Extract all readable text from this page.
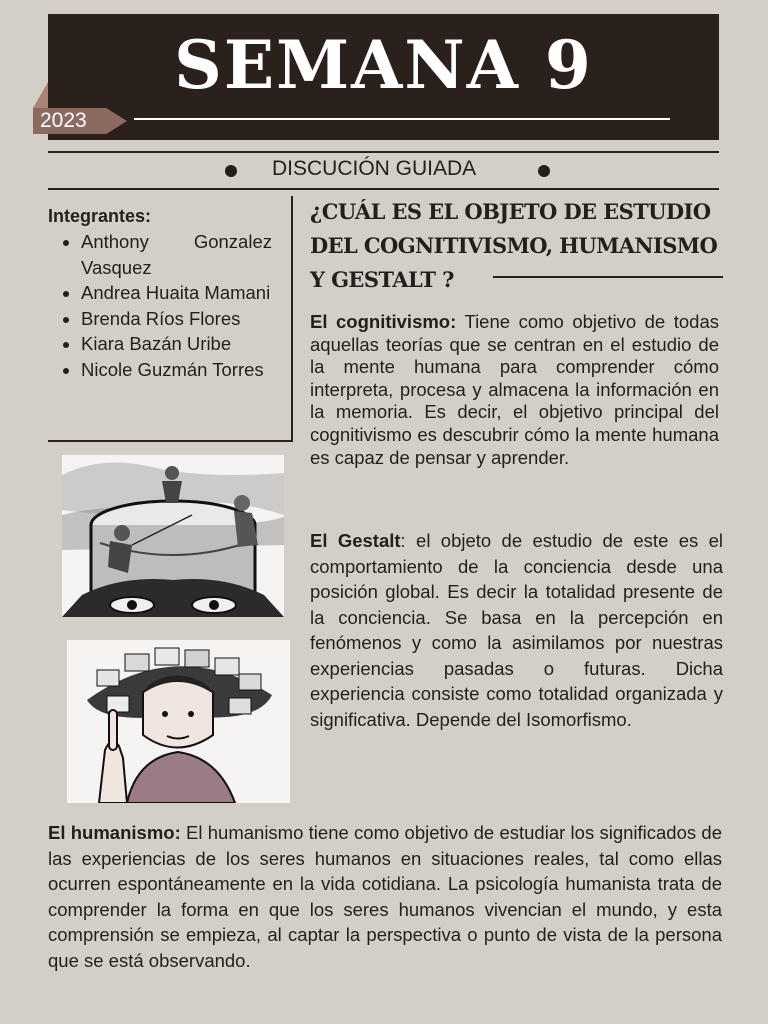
SEMANA 9
2023
DISCUCIÓN GUIADA
Integrantes:
• Anthony Gonzalez Vasquez
• Andrea Huaita Mamani
• Brenda Ríos Flores
• Kiara Bazán Uribe
• Nicole Guzmán Torres
¿CUÁL ES EL OBJETO DE ESTUDIO DEL COGNITIVISMO, HUMANISMO Y GESTALT ?
El cognitivismo: Tiene como objetivo de todas aquellas teorías que se centran en el estudio de la mente humana para comprender cómo interpreta, procesa y almacena la información en la memoria. Es decir, el objetivo principal del cognitivismo es descubrir cómo la mente humana es capaz de pensar y aprender.
El Gestalt: el objeto de estudio de este es el comportamiento de la conciencia desde una posición global. Es decir la totalidad presente de la conciencia. Se basa en la percepción en fenómenos y como la asimilamos por nuestras experiencias pasadas o futuras. Dicha experiencia consiste como totalidad organizada y significativa. Depende del Isomorfismo.
El humanismo: El humanismo tiene como objetivo de estudiar los significados de las experiencias de los seres humanos en situaciones reales, tal como ellas ocurren espontáneamente en la vida cotidiana. La psicología humanista trata de comprender la forma en que los seres humanos vivencian el mundo, y esta comprensión se empieza, al captar la perspectiva o punto de vista de la persona que se está observando.
